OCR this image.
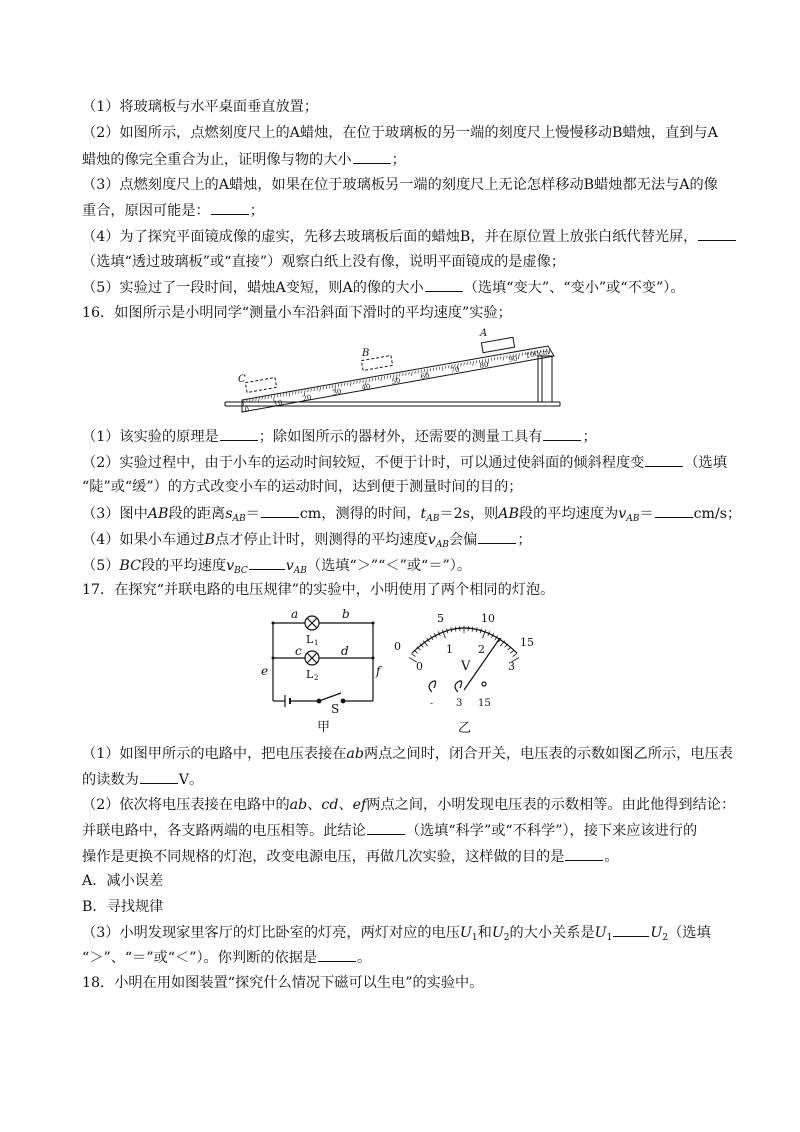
（1）将玻璃板与水平桌面垂直放置；
（2）如图所示，点燃刻度尺上的A蜡烛，在位于玻璃板的另一端的刻度尺上慢慢移动B蜡烛，直到与A
蜡烛的像完全重合为止，证明像与物的大小	；
（3）点燃刻度尺上的A蜡烛，如果在位于玻璃板另一端的刻度尺上无论怎样移动B蜡烛都无法与A的像
重合，原因可能是：	；
（4）为了探究平面镜成像的虚实，先移去玻璃板后面的蜡烛B，并在原位置上放张白纸代替光屏，
（选填“透过玻璃板”或“直接”）观察白纸上没有像，说明平面镜成的是虚像；
（5）实验过了一段时间，蜡烛A变短，则A的像的大小	（选填“变大”、“变小”或“不变”）。
16．如图所示是小明同学“测量小车沿斜面下滑时的平均速度”实验；
A
B
C
0
10
20
30
40
50
60
70
80
90 100cm
（1）该实验的原理是	；除如图所示的器材外，还需要的测量工具有	；
（2）实验过程中，由于小车的运动时间较短，不便于计时，可以通过使斜面的倾斜程度变	（选填
“陡”或“缓”）的方式改变小车的运动时间，达到便于测量时间的目的；
（3）图中AB段的距离$s_{AB}=$	cm，测得的时间，$t_{AB}=2s$，则AB段的平均速度为$v_{AB}=$	cm/s；
（4）如果小车通过B点才停止计时，则测得的平均速度$v_{AB}$会偏	；
（5）BC段的平均速度$v_{BC}$	$v_{AB}$（选填“＞”“＜”或“＝”）。
17．在探究“并联电路的电压规律”的实验中，小明使用了两个相同的灯泡。
a	b
c	d
e	f
L 1
L 2
S
甲
0
5	10
15
0
1 2
3
V
- 3 15
乙
（1）如图甲所示的电路中，把电压表接在ab两点之间时，闭合开关，电压表的示数如图乙所示，电压表
的读数为	V。
（2）依次将电压表接在电路中的ab、cd、ef两点之间，小明发现电压表的示数相等。由此他得到结论：
并联电路中，各支路两端的电压相等。此结论	（选填“科学”或“不科学”），接下来应该进行的
操作是更换不同规格的灯泡，改变电源电压，再做几次实验，这样做的目的是	。
A．减小误差
B．寻找规律
（3）小明发现家里客厅的灯比卧室的灯亮，两灯对应的电压$U_1$和$U_2$的大小关系是$U_1$	$U_2$（选填
“＞”、“＝”或“＜”）。你判断的依据是	。
18．小明在用如图装置“探究什么情况下磁可以生电”的实验中。
